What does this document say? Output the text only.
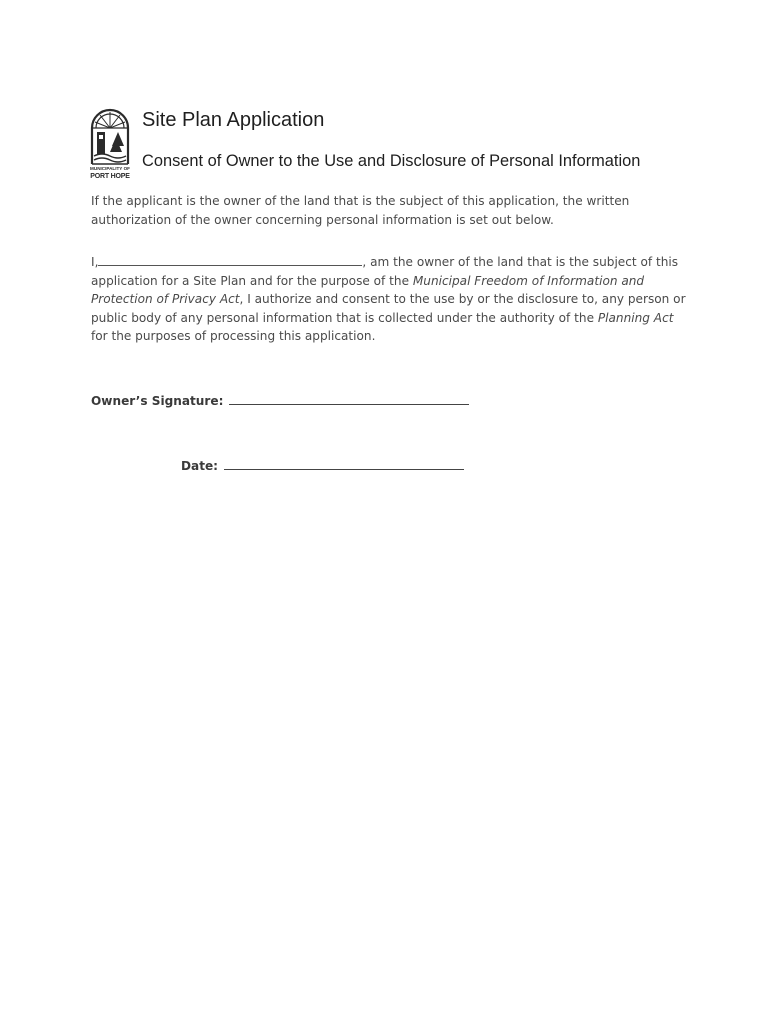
MUNICIPALITY OF
PORT HOPE
Site Plan Application
Consent of Owner to the Use and Disclosure of Personal Information

If the applicant is the owner of the land that is the subject of this application, the written authorization of the owner concerning personal information is set out below.

I,	, am the owner of the land that is the subject of this application for a Site Plan and for the purpose of the Municipal Freedom of Information and Protection of Privacy Act, I authorize and consent to the use by or the disclosure to, any person or public body of any personal information that is collected under the authority of the Planning Act for the purposes of processing this application.

Owner’s Signature:
Date:
